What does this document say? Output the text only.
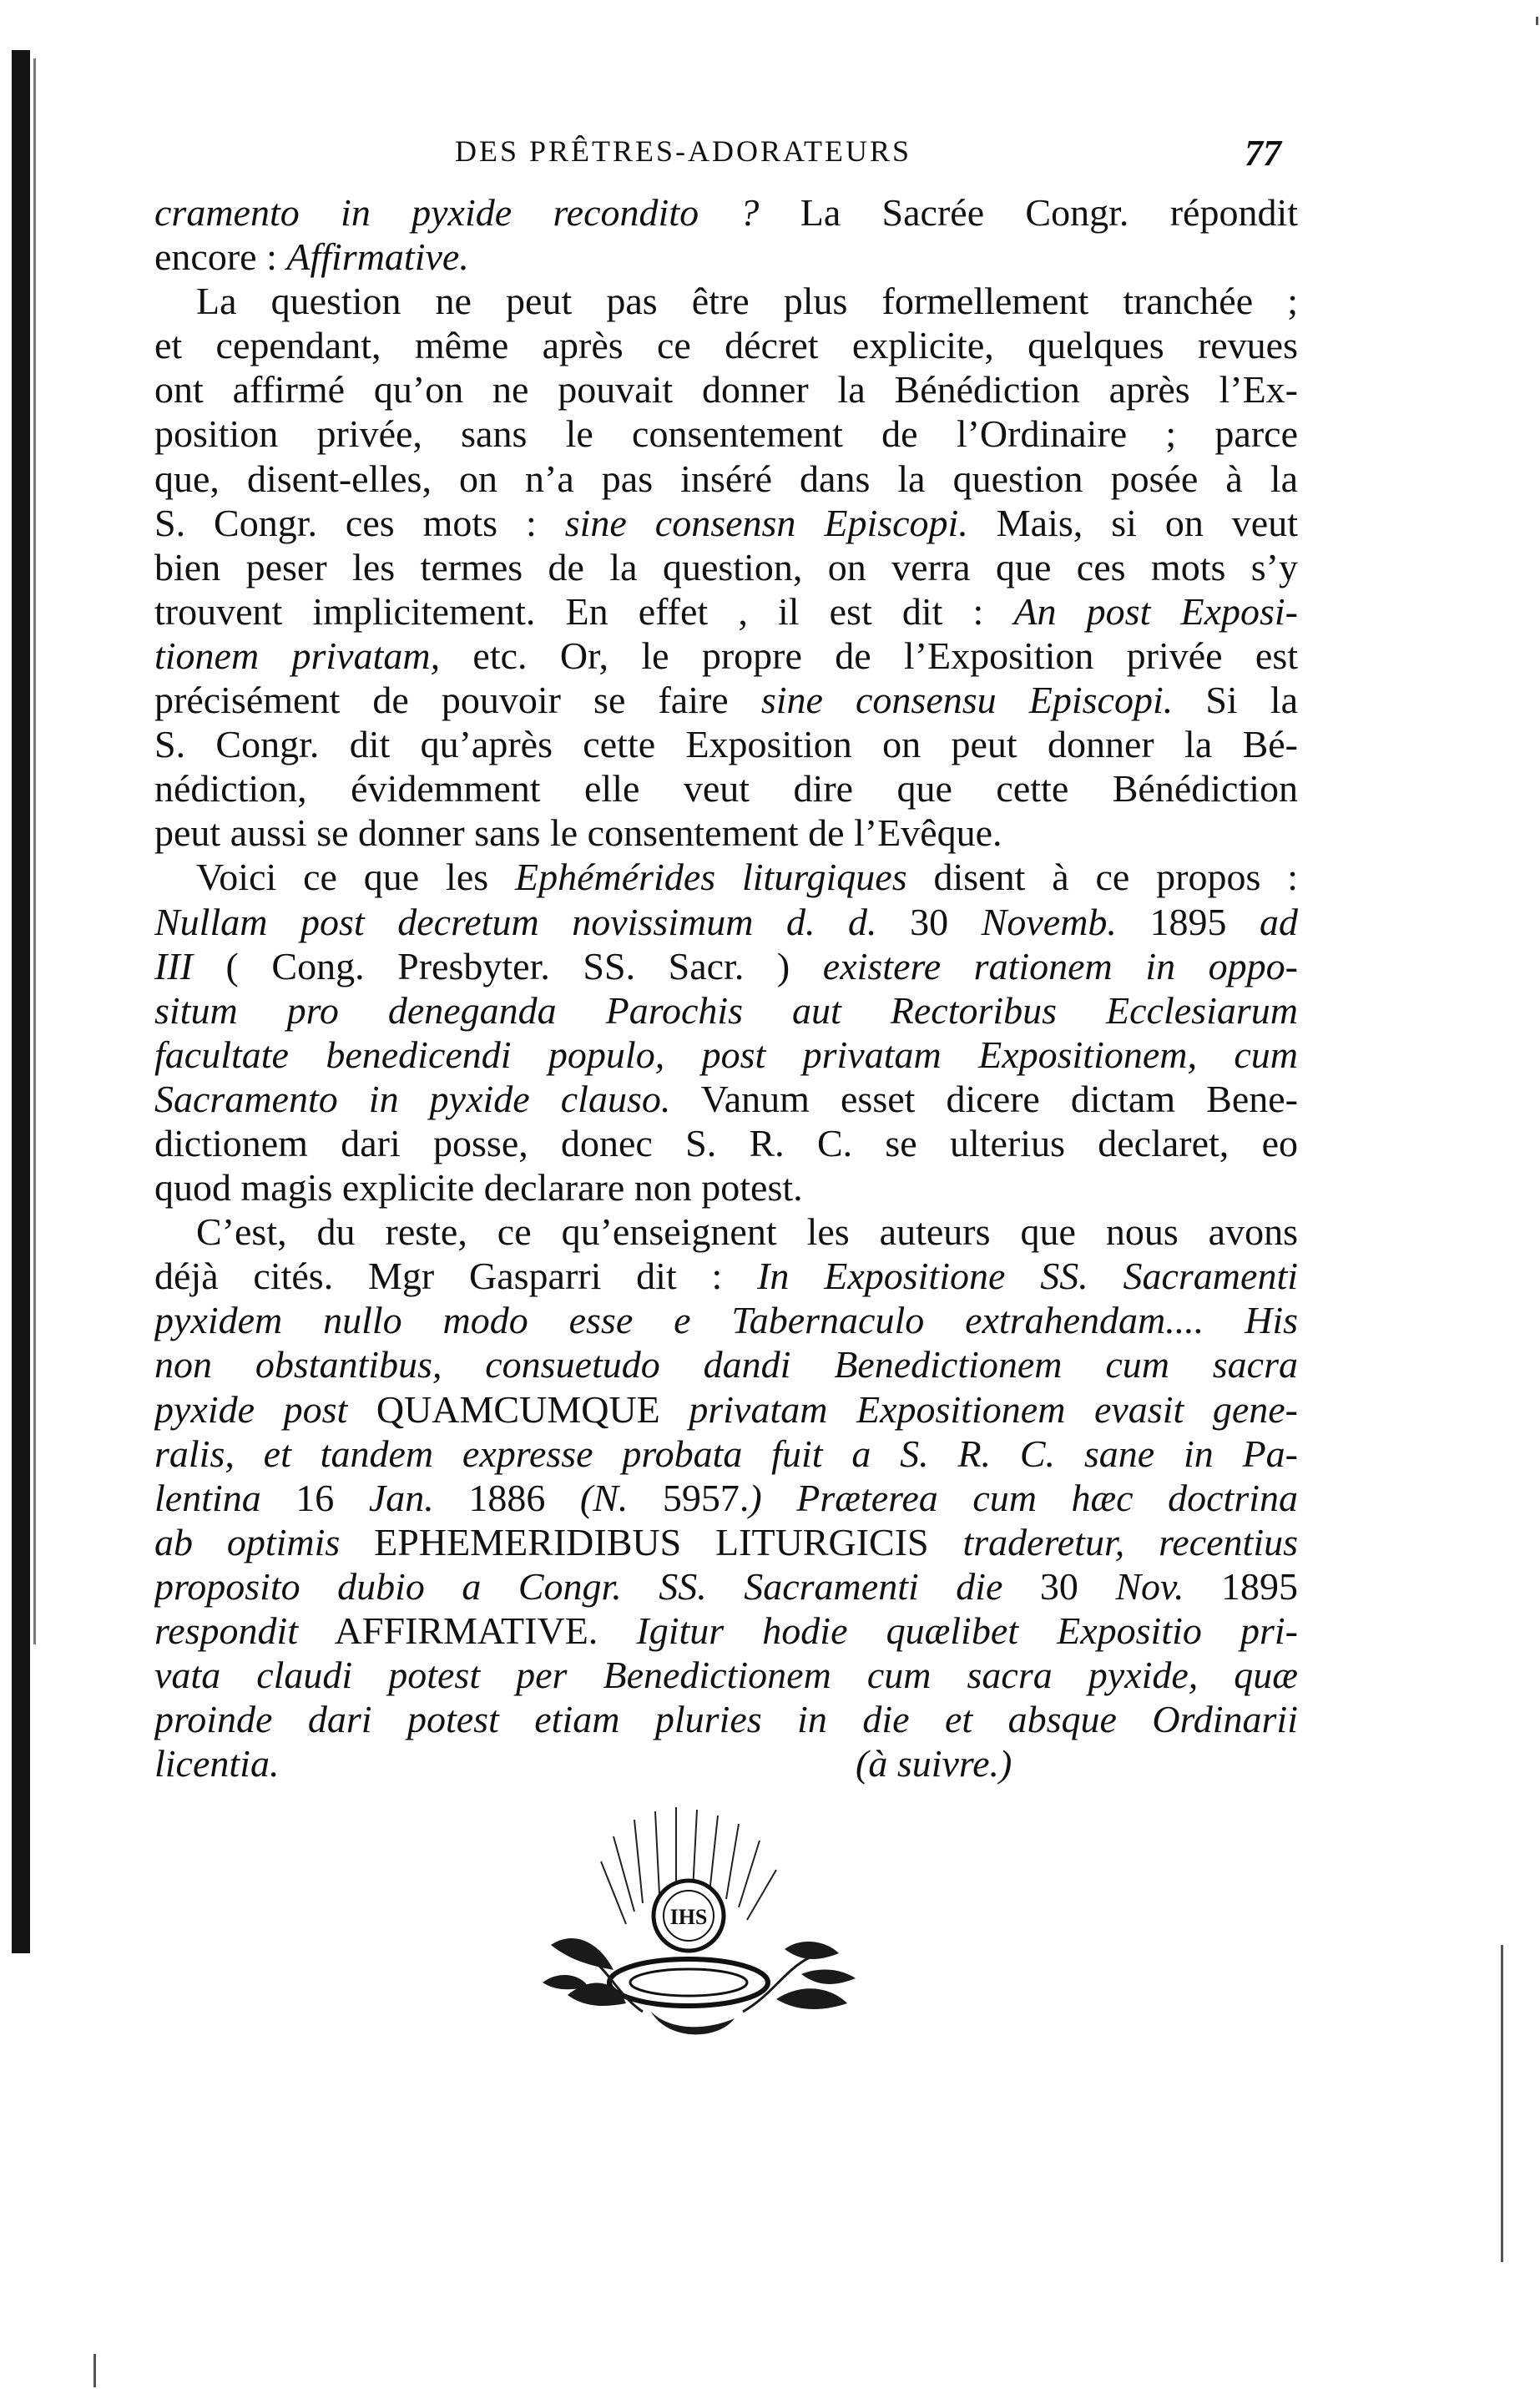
DES PRÊTRES-ADORATEURS	77
cramento in pyxide recondito ? La Sacrée Congr. répondit
encore : Affirmative.
La question ne peut pas être plus formellement tranchée ;
et cependant, même après ce décret explicite, quelques revues
ont affirmé qu’on ne pouvait donner la Bénédiction après l’Ex-
position privée, sans le consentement de l’Ordinaire ; parce
que, disent-elles, on n’a pas inséré dans la question posée à la
S. Congr. ces mots : sine consensn Episcopi. Mais, si on veut
bien peser les termes de la question, on verra que ces mots s’y
trouvent implicitement. En effet , il est dit : An post Exposi-
tionem privatam, etc. Or, le propre de l’Exposition privée est
précisément de pouvoir se faire sine consensu Episcopi. Si la
S. Congr. dit qu’après cette Exposition on peut donner la Bé-
nédiction, évidemment elle veut dire que cette Bénédiction
peut aussi se donner sans le consentement de l’Evêque.
Voici ce que les Ephémérides liturgiques disent à ce propos :
Nullam post decretum novissimum d. d. 30 Novemb. 1895 ad
III ( Cong. Presbyter. SS. Sacr. ) existere rationem in oppo-
situm pro deneganda Parochis aut Rectoribus Ecclesiarum
facultate benedicendi populo, post privatam Expositionem, cum
Sacramento in pyxide clauso. Vanum esset dicere dictam Bene-
dictionem dari posse, donec S. R. C. se ulterius declaret, eo
quod magis explicite declarare non potest.
C’est, du reste, ce qu’enseignent les auteurs que nous avons
déjà cités. Mgr Gasparri dit : In Expositione SS. Sacramenti
pyxidem nullo modo esse e Tabernaculo extrahendam.... His
non obstantibus, consuetudo dandi Benedictionem cum sacra
pyxide post QUAMCUMQUE privatam Expositionem evasit gene-
ralis, et tandem expresse probata fuit a S. R. C. sane in Pa-
lentina 16 Jan. 1886 (N. 5957.) Præterea cum hæc doctrina
ab optimis EPHEMERIDIBUS LITURGICIS traderetur, recentius
proposito dubio a Congr. SS. Sacramenti die 30 Nov. 1895
respondit AFFIRMATIVE. Igitur hodie quælibet Expositio pri-
vata claudi potest per Benedictionem cum sacra pyxide, quæ
proinde dari potest etiam pluries in die et absque Ordinarii
licentia.	(à suivre.)
IHS
